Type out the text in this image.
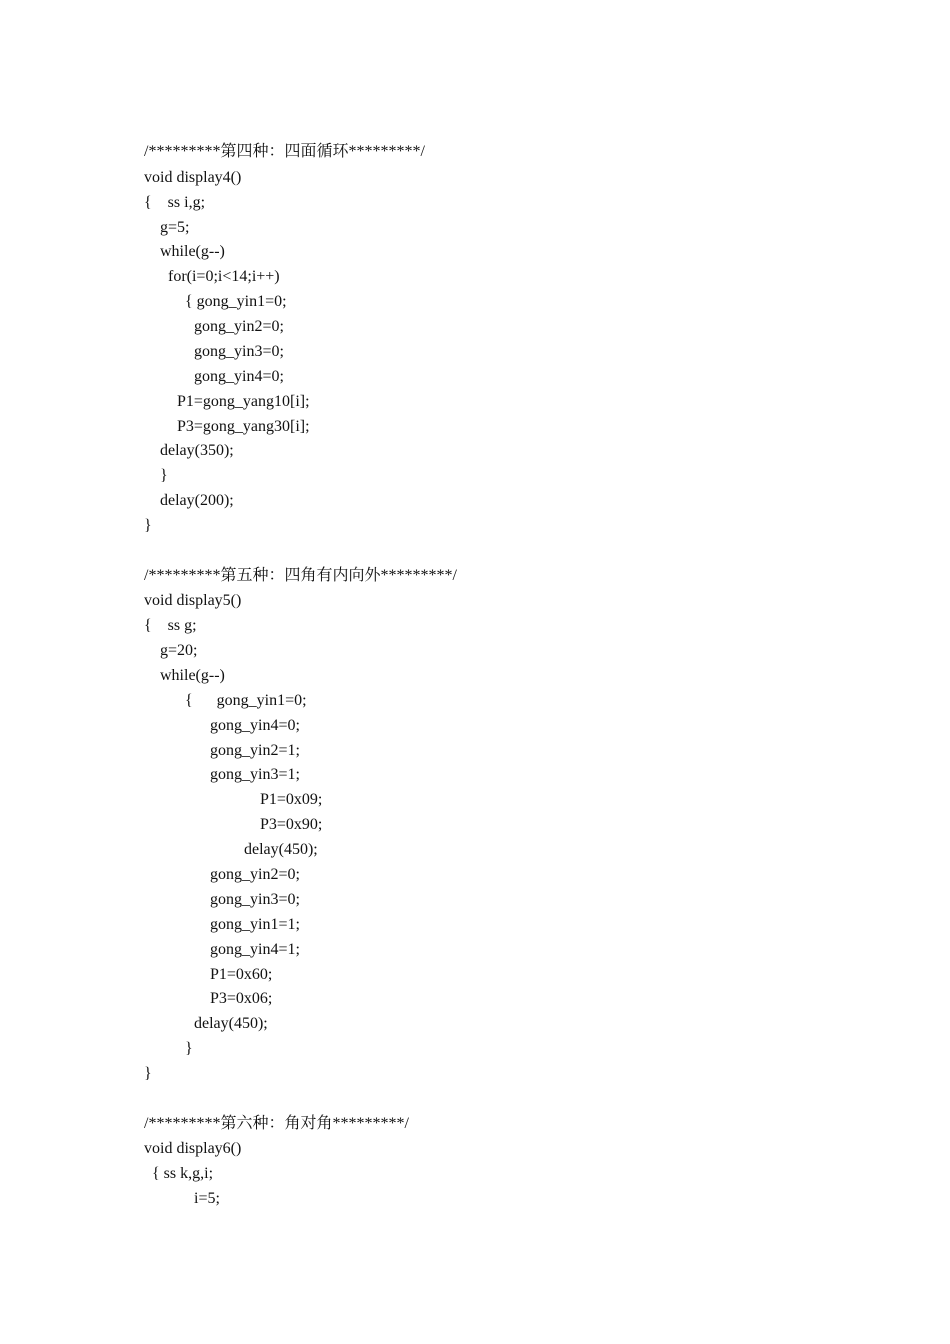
/*********第四种：四面循环*********/
void display4()
{    ss i,g;
g=5;
while(g--)
for(i=0;i<14;i++)
{ gong_yin1=0;
gong_yin2=0;
gong_yin3=0;
gong_yin4=0;
P1=gong_yang10[i];
P3=gong_yang30[i];
delay(350);
}
delay(200);
}
/*********第五种：四角有内向外*********/
void display5()
{    ss g;
g=20;
while(g--)
{      gong_yin1=0;
gong_yin4=0;
gong_yin2=1;
gong_yin3=1;
P1=0x09;
P3=0x90;
delay(450);
gong_yin2=0;
gong_yin3=0;
gong_yin1=1;
gong_yin4=1;
P1=0x60;
P3=0x06;
delay(450);
}
}
/*********第六种：角对角*********/
void display6()
{ ss k,g,i;
i=5;
